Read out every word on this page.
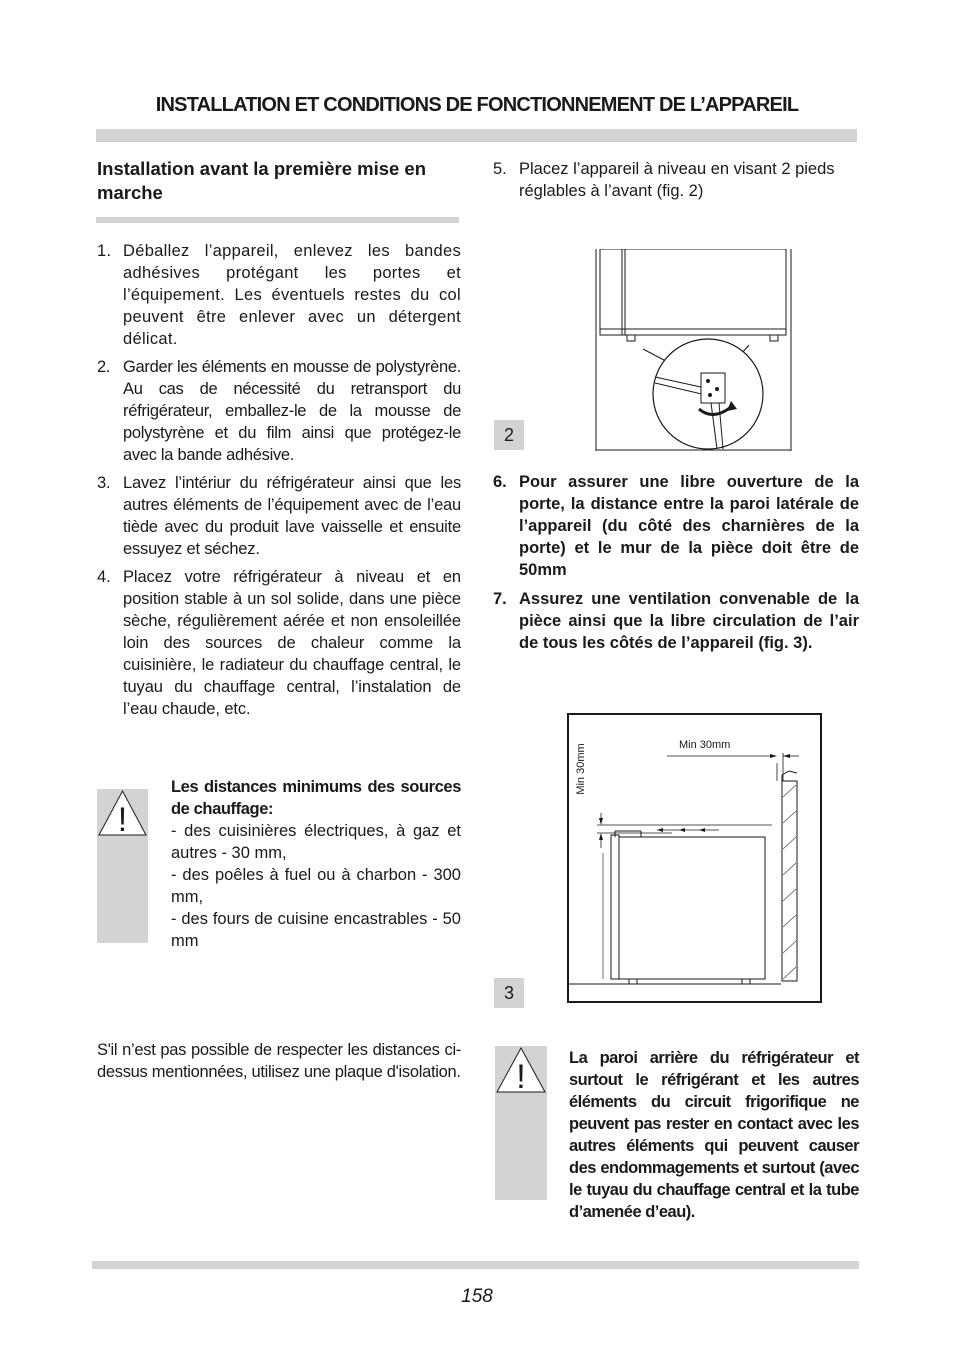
INSTALLATION ET CONDITIONS DE FONCTIONNEMENT DE L’APPAREIL
Installation avant la première mise en marche
1. Déballez l’appareil, enlevez les bandes adhésives protégant les portes et l’équipement. Les éventuels restes du col peuvent être enlever avec un détergent délicat.
2. Garder les éléments en mousse de polystyrène. Au cas de nécessité du retransport du réfrigérateur, emballez-le de la mousse de polystyrène et du film ainsi que protégez-le avec la bande adhésive.
3. Lavez l’intériur du réfrigérateur ainsi que les autres éléments de l’équipement avec de l’eau tiède avec du produit lave vaisselle et ensuite essuyez et séchez.
4. Placez votre réfrigérateur à niveau et en position stable à un sol solide, dans une pièce sèche, régulièrement aérée et non ensoleillée loin des sources de chaleur comme la cuisinière, le radiateur du chauffage central, le tuyau du chauffage central, l’instalation de l’eau chaude, etc.
!
Les distances minimums des sources de chauffage:
- des cuisinières électriques, à gaz et autres - 30 mm,
- des poêles à fuel ou à charbon - 300 mm,
- des fours de cuisine encastrables - 50 mm
S'il n’est pas possible de respecter les distances ci-dessus mentionnées, utilisez une plaque d'isolation.
5. Placez l’appareil à niveau en visant 2 pieds réglables à l’avant (fig. 2)
2
6. Pour assurer une libre ouverture de la porte, la distance entre la paroi latérale de l’appareil (du côté des charnières de la porte) et le mur de la pièce doit être de 50mm
7. Assurez une ventilation convenable de la pièce ainsi que la libre circulation de l’air de tous les côtés de l’appareil (fig. 3).
Min 30mm
Min 30mm
3
!	La paroi arrière du réfrigérateur et surtout le réfrigérant et les autres éléments du circuit frigorifique ne peuvent pas rester en contact avec les autres éléments qui peuvent causer des endommagements et surtout (avec le tuyau du chauffage central et la tube d’amenée d’eau).
158
